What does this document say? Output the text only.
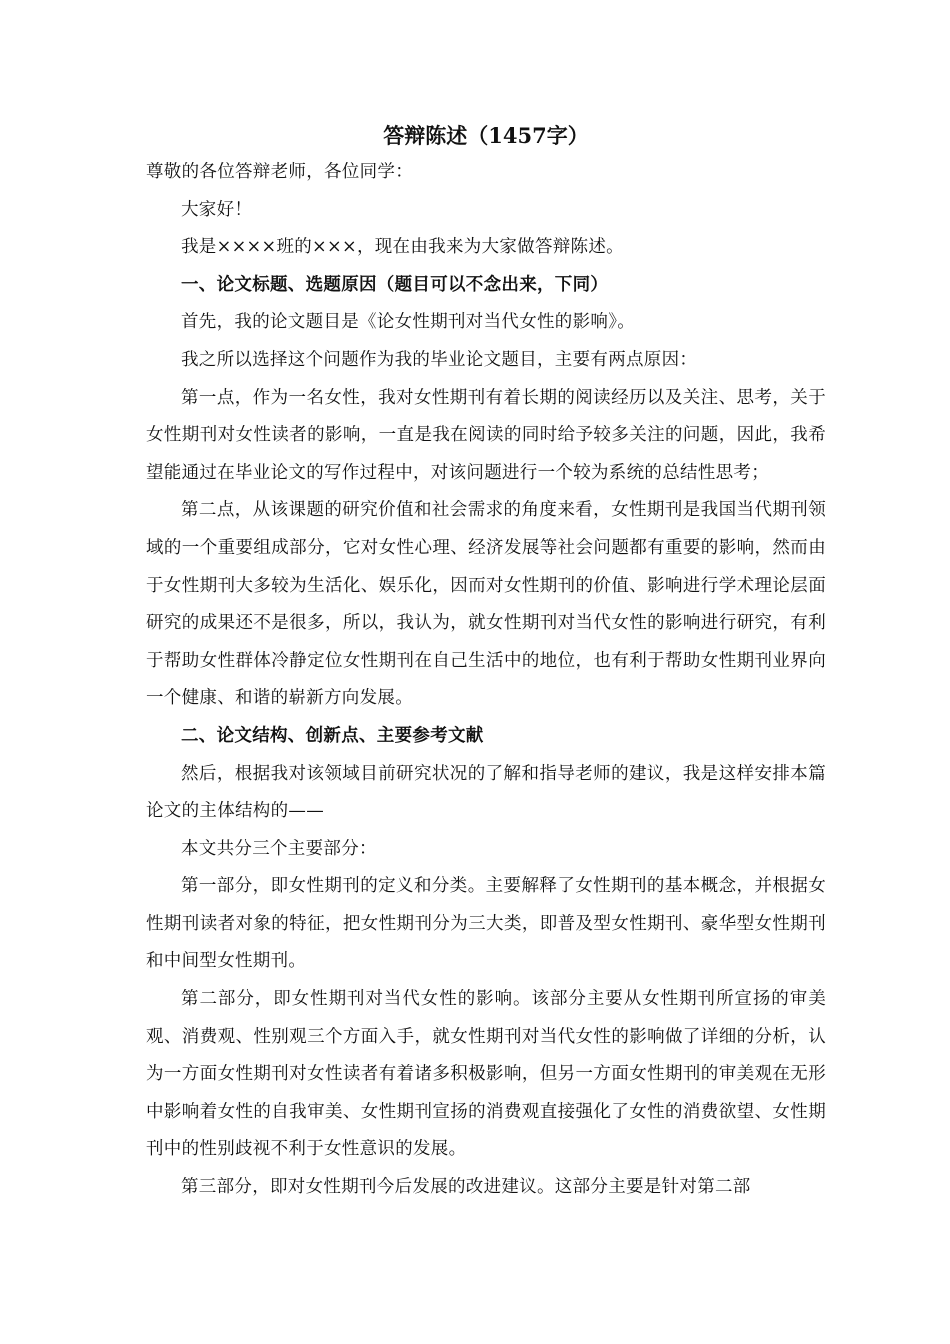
答辩陈述（1457字）

尊敬的各位答辩老师，各位同学：

大家好！

我是××××班的×××，现在由我来为大家做答辩陈述。

一、论文标题、选题原因（题目可以不念出来，下同）

首先，我的论文题目是《论女性期刊对当代女性的影响》。

我之所以选择这个问题作为我的毕业论文题目，主要有两点原因：

第一点，作为一名女性，我对女性期刊有着长期的阅读经历以及关注、思考，关于女性期刊对女性读者的影响，一直是我在阅读的同时给予较多关注的问题，因此，我希望能通过在毕业论文的写作过程中，对该问题进行一个较为系统的总结性思考；

第二点，从该课题的研究价值和社会需求的角度来看，女性期刊是我国当代期刊领域的一个重要组成部分，它对女性心理、经济发展等社会问题都有重要的影响，然而由于女性期刊大多较为生活化、娱乐化，因而对女性期刊的价值、影响进行学术理论层面研究的成果还不是很多，所以，我认为，就女性期刊对当代女性的影响进行研究，有利于帮助女性群体冷静定位女性期刊在自己生活中的地位，也有利于帮助女性期刊业界向一个健康、和谐的崭新方向发展。

二、论文结构、创新点、主要参考文献

然后，根据我对该领域目前研究状况的了解和指导老师的建议，我是这样安排本篇论文的主体结构的——

本文共分三个主要部分：

第一部分，即女性期刊的定义和分类。主要解释了女性期刊的基本概念，并根据女性期刊读者对象的特征，把女性期刊分为三大类，即普及型女性期刊、豪华型女性期刊和中间型女性期刊。

第二部分，即女性期刊对当代女性的影响。该部分主要从女性期刊所宣扬的审美观、消费观、性别观三个方面入手，就女性期刊对当代女性的影响做了详细的分析，认为一方面女性期刊对女性读者有着诸多积极影响，但另一方面女性期刊的审美观在无形中影响着女性的自我审美、女性期刊宣扬的消费观直接强化了女性的消费欲望、女性期刊中的性别歧视不利于女性意识的发展。

第三部分，即对女性期刊今后发展的改进建议。这部分主要是针对第二部
